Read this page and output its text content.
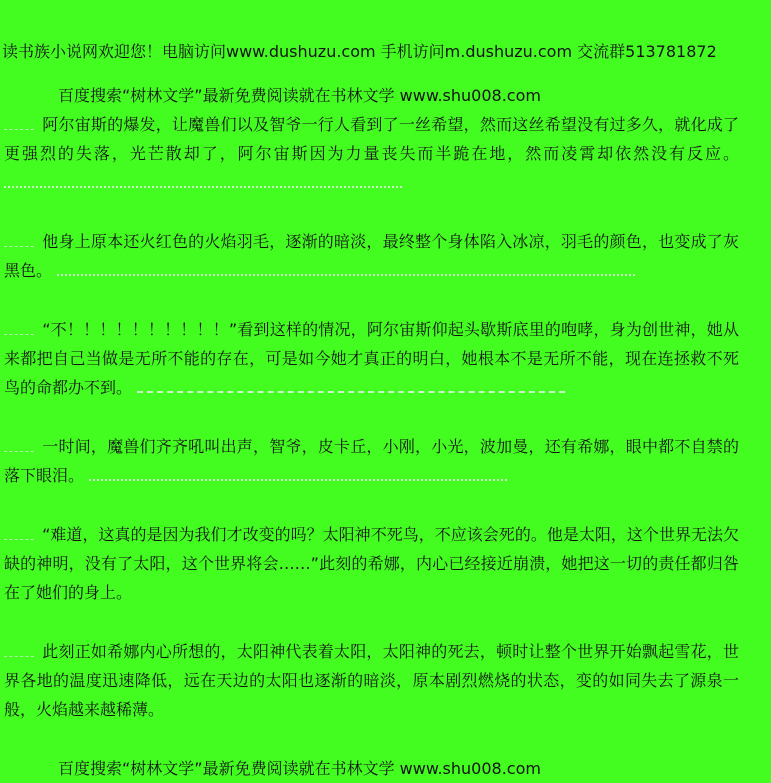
读书族小说网欢迎您！电脑访问www.dushuzu.com 手机访问m.dushuzu.com 交流群513781872

百度搜索“树林文学”最新免费阅读就在书林文学 www.shu008.com

阿尔宙斯的爆发，让魔兽们以及智爷一行人看到了一丝希望，然而这丝希望没有过多久，就化成了更强烈的失落，光芒散却了，阿尔宙斯因为力量丧失而半跪在地，然而凌霄却依然没有反应。

他身上原本还火红色的火焰羽毛，逐渐的暗淡，最终整个身体陷入冰凉，羽毛的颜色，也变成了灰黑色。

“不！！！！！！！！！！”看到这样的情况，阿尔宙斯仰起头歇斯底里的咆哮，身为创世神，她从来都把自己当做是无所不能的存在，可是如今她才真正的明白，她根本不是无所不能，现在连拯救不死鸟的命都办不到。

一时间，魔兽们齐齐吼叫出声，智爷，皮卡丘，小刚，小光，波加曼，还有希娜，眼中都不自禁的落下眼泪。

“难道，这真的是因为我们才改变的吗？太阳神不死鸟，不应该会死的。他是太阳，这个世界无法欠缺的神明，没有了太阳，这个世界将会……”此刻的希娜，内心已经接近崩溃，她把这一切的责任都归咎在了她们的身上。

此刻正如希娜内心所想的，太阳神代表着太阳，太阳神的死去，顿时让整个世界开始飘起雪花，世界各地的温度迅速降低，远在天边的太阳也逐渐的暗淡，原本剧烈燃烧的状态，变的如同失去了源泉一般，火焰越来越稀薄。

百度搜索“树林文学”最新免费阅读就在书林文学 www.shu008.com
